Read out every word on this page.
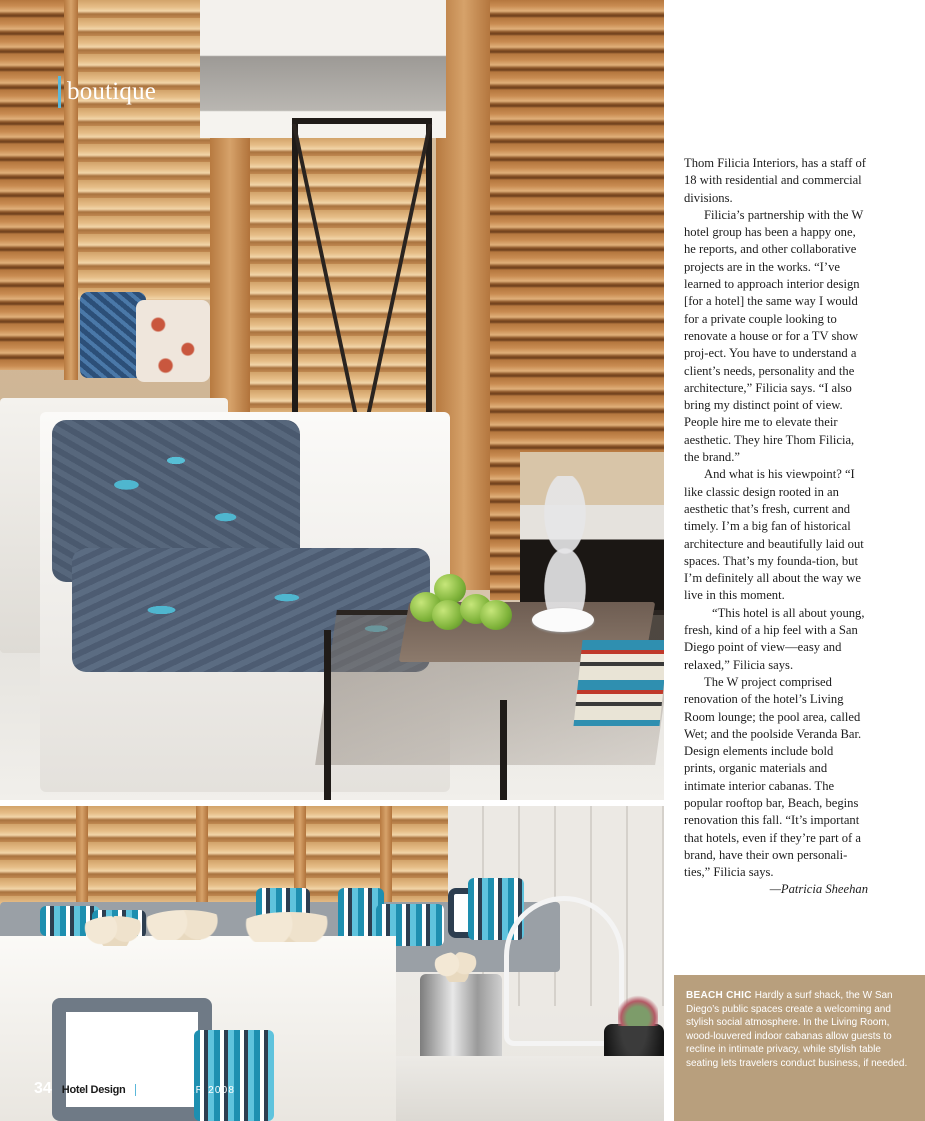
boutique
34 Hotel Design OCTOBER 2008

Thom Filicia Interiors, has a staff of 18 with residential and commercial divisions.

Filicia’s partnership with the W hotel group has been a happy one, he reports, and other collaborative projects are in the works. “I’ve learned to approach interior design [for a hotel] the same way I would for a private couple looking to renovate a house or for a TV show proj-ect. You have to understand a client’s needs, personality and the architecture,” Filicia says. “I also bring my distinct point of view. People hire me to elevate their aesthetic. They hire Thom Filicia, the brand.”

And what is his viewpoint? “I like classic design rooted in an aesthetic that’s fresh, current and timely. I’m a big fan of historical architecture and beautifully laid out spaces. That’s my founda-tion, but I’m definitely all about the way we live in this moment.

“This hotel is all about young, fresh, kind of a hip feel with a San Diego point of view—easy and relaxed,” Filicia says.

The W project comprised renovation of the hotel’s Living Room lounge; the pool area, called Wet; and the poolside Veranda Bar. Design elements include bold prints, organic materials and intimate interior cabanas. The popular rooftop bar, Beach, begins renovation this fall. “It’s important that hotels, even if they’re part of a brand, have their own personali-ties,” Filicia says.

—Patricia Sheehan

BEACH CHIC Hardly a surf shack, the W San Diego’s public spaces create a welcoming and stylish social atmosphere. In the Living Room, wood-louvered indoor cabanas allow guests to recline in intimate privacy, while stylish table seating lets travelers conduct business, if needed.
